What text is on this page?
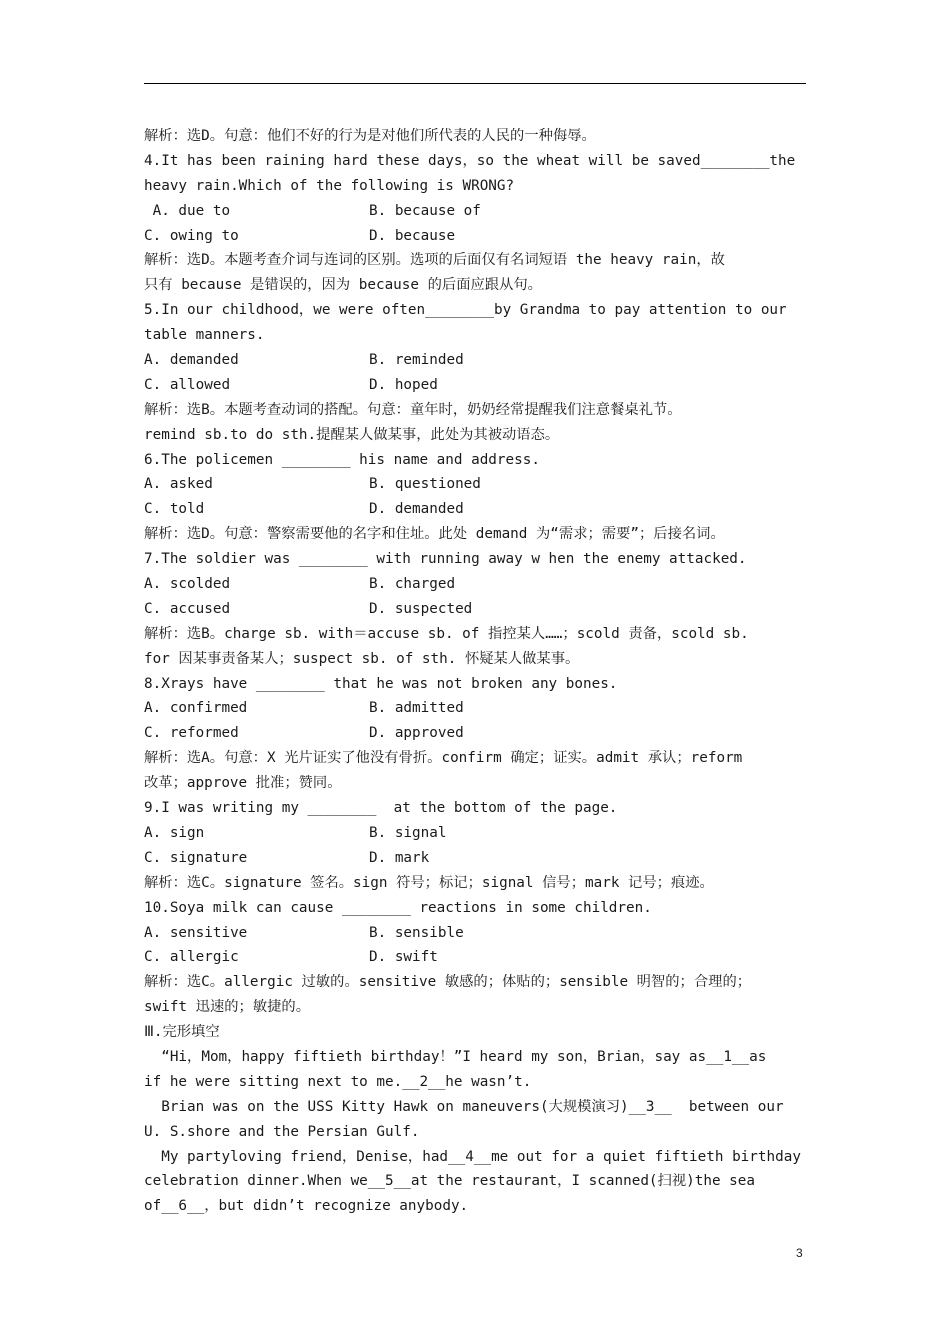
解析：选D。句意：他们不好的行为是对他们所代表的人民的一种侮辱。
4.It has been raining hard these days，so the wheat will be saved________the
heavy rain.Which of the following is WRONG?
A. due to	B. because of
C. owing to	D. because
解析：选D。本题考查介词与连词的区别。选项的后面仅有名词短语 the heavy rain，故
只有 because 是错误的，因为 because 的后面应跟从句。
5.In our childhood，we were often________by Grandma to pay attention to our
table manners.
A. demanded	B. reminded
C. allowed	D. hoped
解析：选B。本题考查动词的搭配。句意：童年时，奶奶经常提醒我们注意餐桌礼节。
remind sb.to do sth.提醒某人做某事，此处为其被动语态。
6.The policemen ________ his name and address.
A. asked	B. questioned
C. told	D. demanded
解析：选D。句意：警察需要他的名字和住址。此处 demand 为“需求；需要”；后接名词。
7.The soldier was ________ with running away w hen the enemy attacked.
A. scolded	B. charged
C. accused	D. suspected
解析：选B。charge sb. with＝accuse sb. of 指控某人……；scold 责备，scold sb.
for 因某事责备某人；suspect sb. of sth. 怀疑某人做某事。
8.Xrays have ________ that he was not broken any bones.
A. confirmed	B. admitted
C. reformed	D. approved
解析：选A。句意：X 光片证实了他没有骨折。confirm 确定；证实。admit 承认；reform
改革；approve 批准；赞同。
9.I was writing my ________  at the bottom of the page.
A. sign	B. signal
C. signature	D. mark
解析：选C。signature 签名。sign 符号；标记；signal 信号；mark 记号；痕迹。
10.Soya milk can cause ________ reactions in some children.
A. sensitive	B. sensible
C. allergic	D. swift
解析：选C。allergic 过敏的。sensitive 敏感的；体贴的；sensible 明智的；合理的；
swift 迅速的；敏捷的。
Ⅲ.完形填空
“Hi，Mom，happy fiftieth birthday！”I heard my son，Brian，say as__1__as
if he were sitting next to me.__2__he wasn’t.
Brian was on the USS Kitty Hawk on maneuvers(大规模演习)__3__  between our
U. S.shore and the Persian Gulf.
My partyloving friend，Denise，had__4__me out for a quiet fiftieth birthday
celebration dinner.When we__5__at the restaurant，I scanned(扫视)the sea
of__6__，but didn’t recognize anybody.
3
